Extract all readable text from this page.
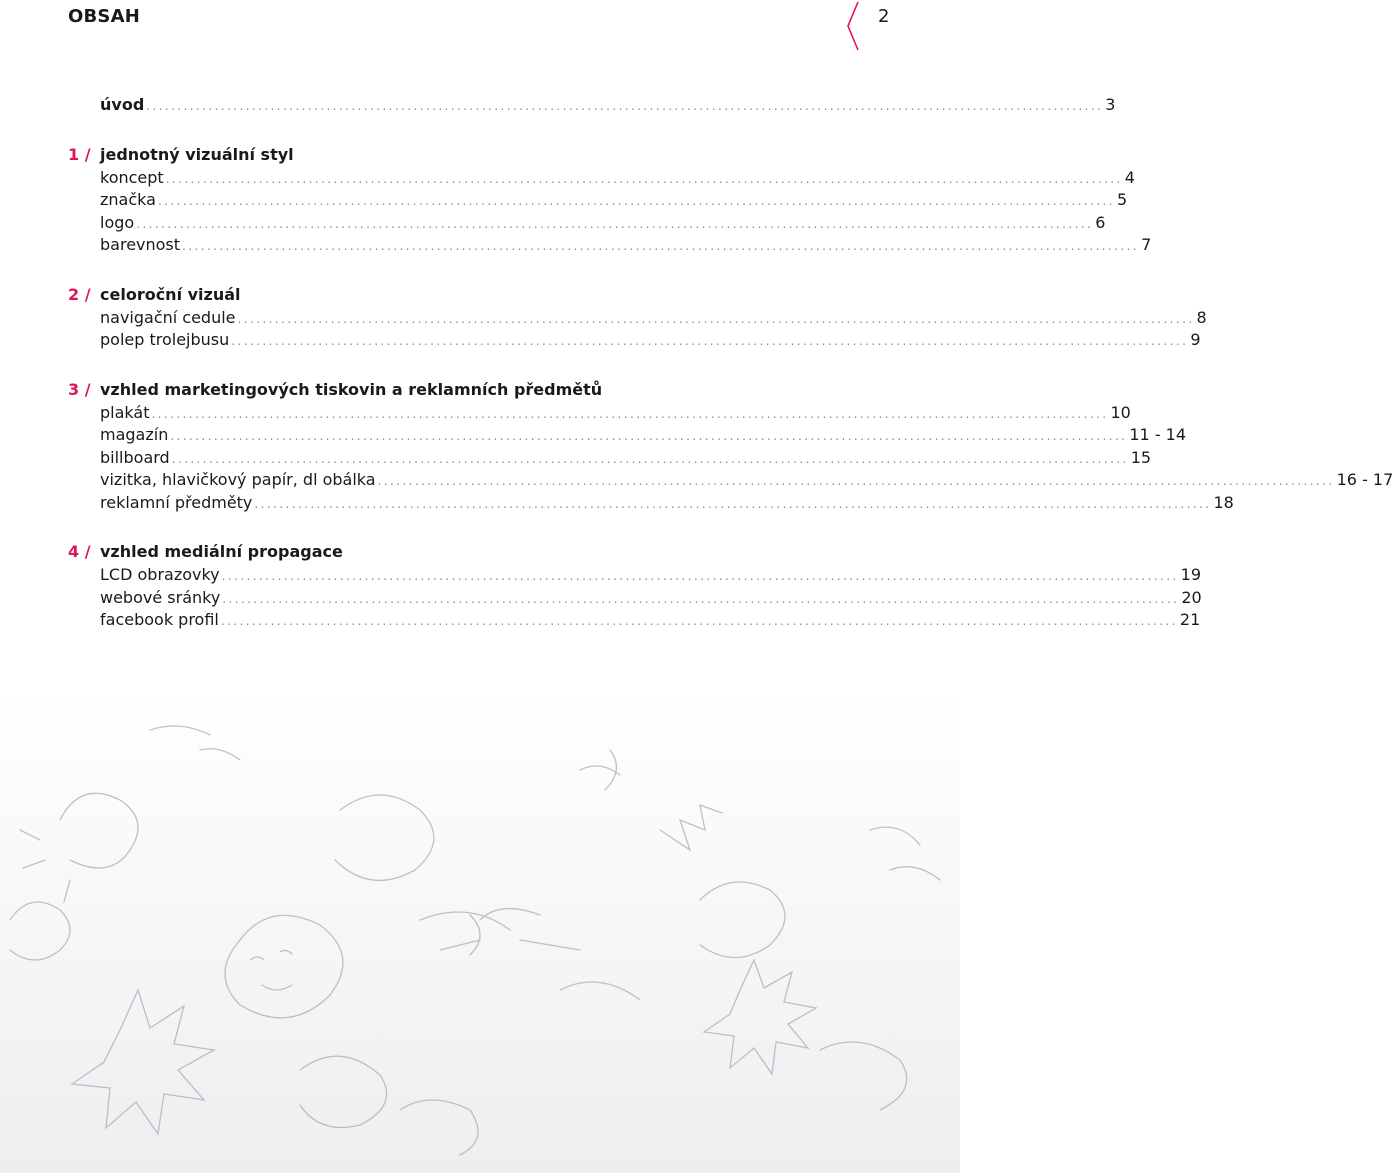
OBSAH	2
úvod .......................................................................................................................................................... 3
1 / jednotný vizuální styl
koncept .......................................................................................................................................................... 4
značka .......................................................................................................................................................... 5
logo .......................................................................................................................................................... 6
barevnost .......................................................................................................................................................... 7
2 / celoroční vizuál
navigační cedule .......................................................................................................................................................... 8
polep trolejbusu .......................................................................................................................................................... 9
3 / vzhled marketingových tiskovin a reklamních předmětů
plakát .......................................................................................................................................................... 10
magazín .......................................................................................................................................................... 11 - 14
billboard .......................................................................................................................................................... 15
vizitka, hlavičkový papír, dl obálka .......................................................................................................................................................... 16 - 17
reklamní předměty .......................................................................................................................................................... 18
4 / vzhled mediální propagace
LCD obrazovky .......................................................................................................................................................... 19
webové sránky .......................................................................................................................................................... 20
facebook profil .......................................................................................................................................................... 21
